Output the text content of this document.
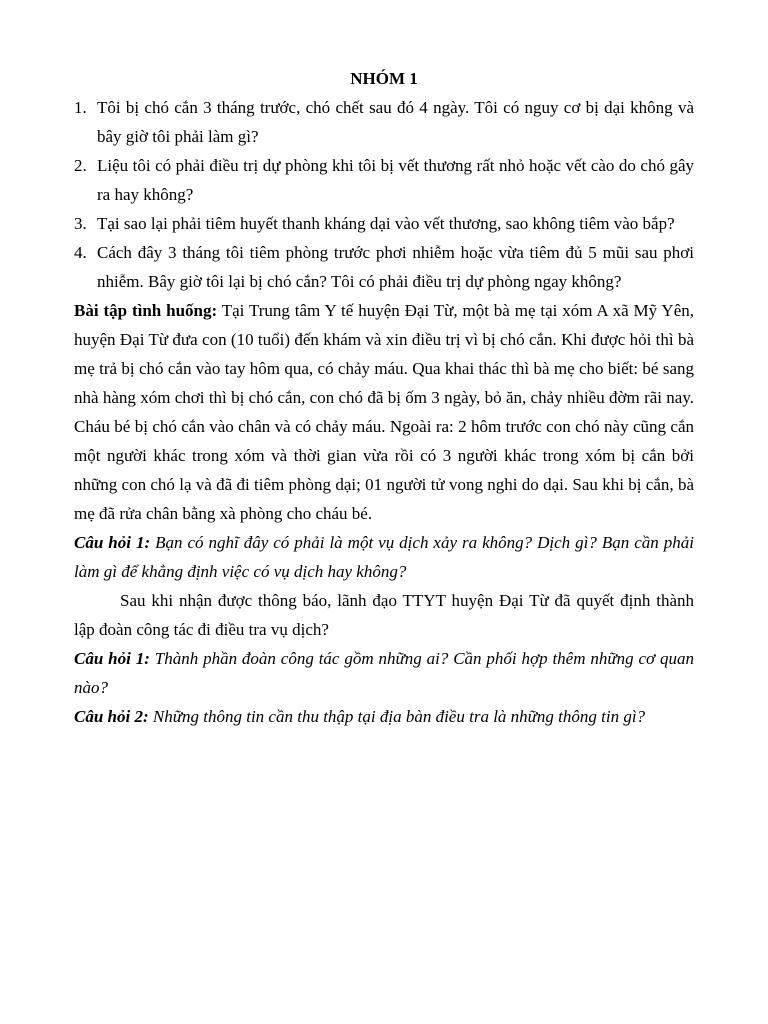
NHÓM 1

1. Tôi bị chó cắn 3 tháng trước, chó chết sau đó 4 ngày. Tôi có nguy cơ bị dại không và bây giờ tôi phải làm gì?
2. Liệu tôi có phải điều trị dự phòng khi tôi bị vết thương rất nhỏ hoặc vết cào do chó gây ra hay không?
3. Tại sao lại phải tiêm huyết thanh kháng dại vào vết thương, sao không tiêm vào bắp?
4. Cách đây 3 tháng tôi tiêm phòng trước phơi nhiễm hoặc vừa tiêm đủ 5 mũi sau phơi nhiễm. Bây giờ tôi lại bị chó cắn? Tôi có phải điều trị dự phòng ngay không?

Bài tập tình huống: Tại Trung tâm Y tế huyện Đại Từ, một bà mẹ tại xóm A xã Mỹ Yên, huyện Đại Từ đưa con (10 tuổi) đến khám và xin điều trị vì bị chó cắn. Khi được hỏi thì bà mẹ trả bị chó cắn vào tay hôm qua, có chảy máu. Qua khai thác thì bà mẹ cho biết: bé sang nhà hàng xóm chơi thì bị chó cắn, con chó đã bị ốm 3 ngày, bỏ ăn, chảy nhiều đờm rãi nay. Cháu bé bị chó cắn vào chân và có chảy máu. Ngoài ra: 2 hôm trước con chó này cũng cắn một người khác trong xóm và thời gian vừa rồi có 3 người khác trong xóm bị cắn bởi những con chó lạ và đã đi tiêm phòng dại; 01 người tử vong nghi do dại. Sau khi bị cắn, bà mẹ đã rửa chân bằng xà phòng cho cháu bé.

Câu hỏi 1: Bạn có nghĩ đây có phải là một vụ dịch xảy ra không? Dịch gì? Bạn cần phải làm gì để khẳng định việc có vụ dịch hay không?

Sau khi nhận được thông báo, lãnh đạo TTYT huyện Đại Từ đã quyết định thành lập đoàn công tác đi điều tra vụ dịch?

Câu hỏi 1: Thành phần đoàn công tác gồm những ai? Cần phối hợp thêm những cơ quan nào?

Câu hỏi 2: Những thông tin cần thu thập tại địa bàn điều tra là những thông tin gì?
